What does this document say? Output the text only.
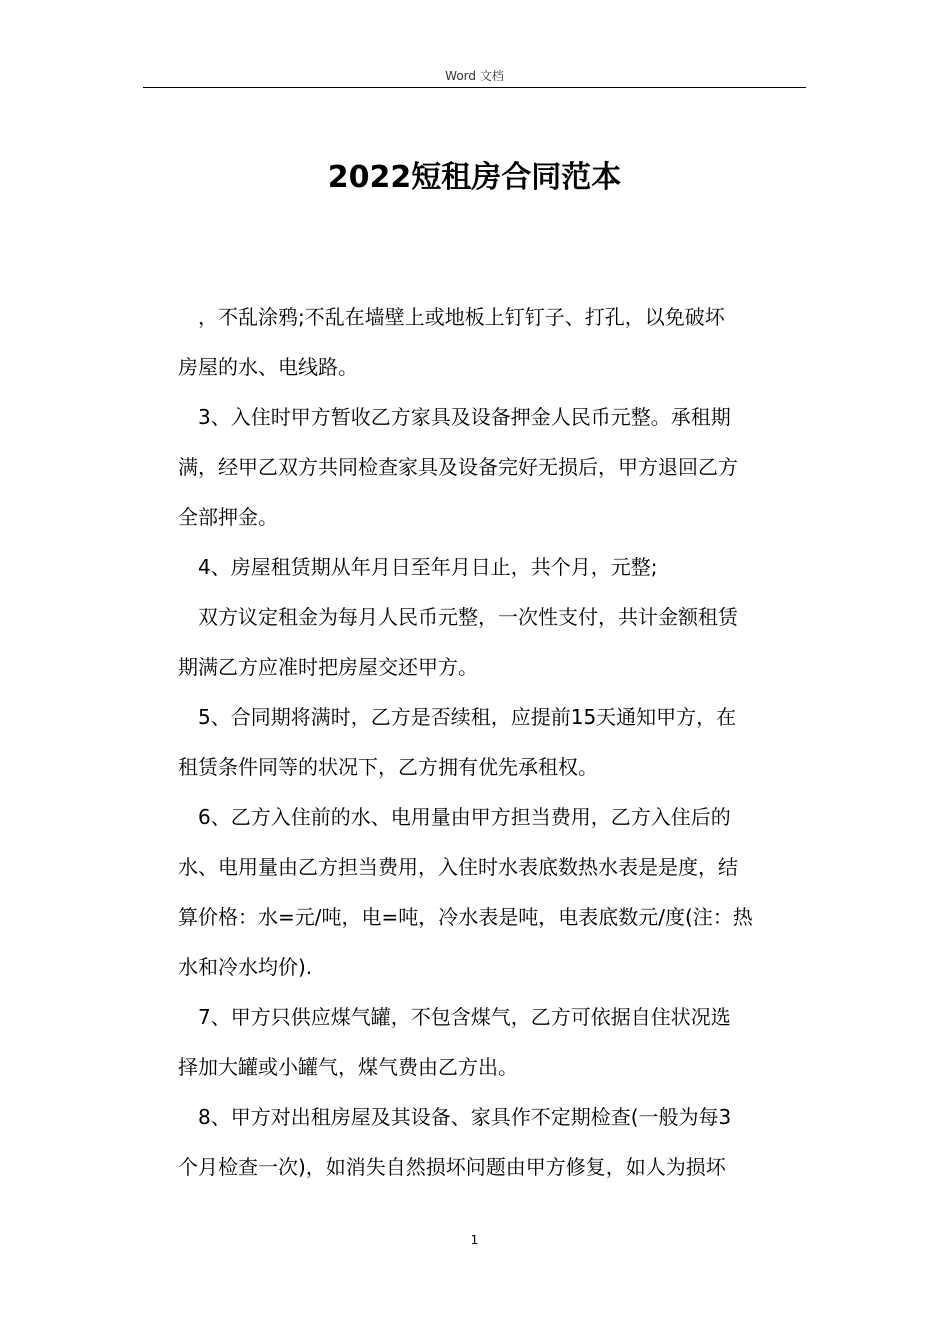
Word 文档
2022短租房合同范本
，不乱涂鸦;不乱在墙壁上或地板上钉钉子、打孔，以免破坏
房屋的水、电线路。
3、入住时甲方暂收乙方家具及设备押金人民币元整。承租期
满，经甲乙双方共同检查家具及设备完好无损后，甲方退回乙方
全部押金。
4、房屋租赁期从年月日至年月日止，共个月，元整;
双方议定租金为每月人民币元整，一次性支付，共计金额租赁
期满乙方应准时把房屋交还甲方。
5、合同期将满时，乙方是否续租，应提前15天通知甲方，在
租赁条件同等的状况下，乙方拥有优先承租权。
6、乙方入住前的水、电用量由甲方担当费用，乙方入住后的
水、电用量由乙方担当费用，入住时水表底数热水表是是度，结
算价格：水=元/吨，电=吨，冷水表是吨，电表底数元/度(注：热
水和冷水均价).
7、甲方只供应煤气罐，不包含煤气，乙方可依据自住状况选
择加大罐或小罐气，煤气费由乙方出。
8、甲方对出租房屋及其设备、家具作不定期检查(一般为每3
个月检查一次)，如消失自然损坏问题由甲方修复，如人为损坏
1
